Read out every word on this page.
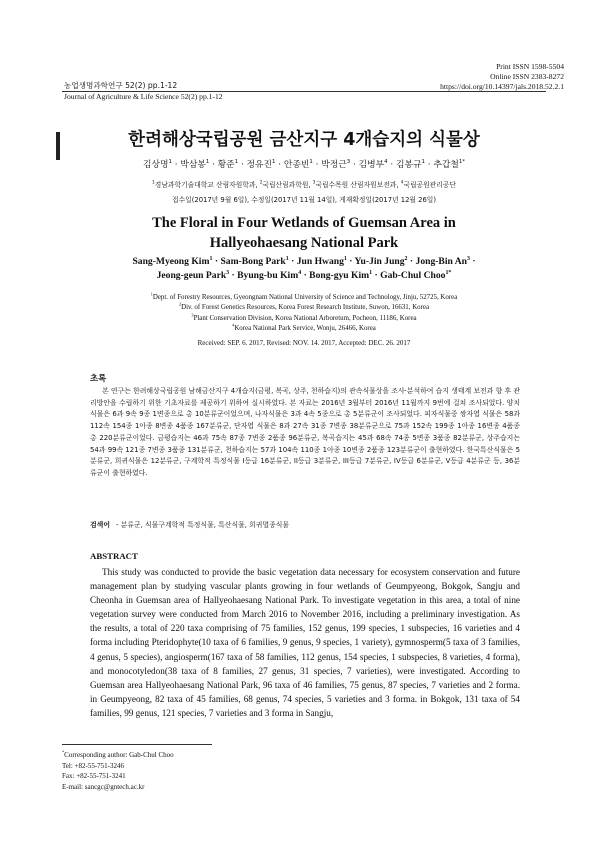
Print ISSN 1598-5504
Online ISSN 2383-8272
https://doi.org/10.14397/jals.2018.52.2.1
농업생명과학연구 52(2) pp.1-12
Journal of Agriculture & Life Science 52(2) pp.1-12
한려해상국립공원 금산지구 4개습지의 식물상
김상명$^1$ · 박삼봉$^1$ · 황준$^1$ · 정유진$^1$ · 안종빈$^1$ · 박정근$^3$ · 김병부$^4$ · 김봉규$^1$ · 추갑철$^{1*}$
$^1$경남과학기술대학교 산림자원학과, $^2$국립산림과학원, $^3$국립수목원 산림자원보전과, $^4$국립공원관리공단
접수일(2017년 9월 6일), 수정일(2017년 11월 14일), 게재확정일(2017년 12월 26일)
The Floral in Four Wetlands of Guemsan Area in
Hallyeohaesang National Park
Sang-Myeong Kim$^1$ · Sam-Bong Park$^1$ · Jun Hwang$^1$ · Yu-Jin Jung$^2$ · Jong-Bin $An^3$ ·
Jeong-geun Park$^3$ · Byung-bu Kim$^4$ · Bong-gyu Kim$^1$ · Gab-Chul Choo$^{1*}$
$^1$Dept. of Forestry Resources, Gyeongnam National University of Science and Technology, Jinju, 52725, Korea
$^2$Div. of Forest Genetics Resources, Korea Forest Research Institute, Suwon, 16631, Korea
$^3$Plant Conservation Division, Korea National Arboretum, Pocheon, 11186, Korea
$^4$Korea National Park Service, Wonju, 26466, Korea
Received: SEP. 6. 2017, Revised: NOV. 14. 2017, Accepted: DEC. 26. 2017
초록
본 연구는 한려해상국립공원 남해금산지구 4개습지(금평, 복곡, 상주, 천하습지)의 관속식물상을 조사·분석하여 습지 생태계 보전과 향 후 관리방안을 수립하기 위한 기초자료를 제공하기 위하여 실시하였다. 본 자료는 2016년 3월부터 2016년 11월까지 9번에 걸쳐 조사되었다. 양치식물은 6과 9속 9종 1변종으로 총 10분류군이었으며, 나자식물은 3과 4속 5종으로 총 5분류군이 조사되었다. 피자식물중 쌍자엽 식물은 58과 112속 154종 1아종 8변종 4품종 167분류군, 단자엽 식물은 8과 27속 31종 7변종 38분류군으로 75과 152속 199종 1아종 16변종 4품종 총 220분류군이었다. 금평습지는 46과 75속 87종 7변종 2품종 96분류군, 복곡습지는 45과 68속 74종 5변종 3품종 82분류군, 상주습지는 54과 99속 121종 7변종 3품종 131분류군, 천하습지는 57과 104속 110종 1아종 10변종 2품종 123분류군이 출현하였다. 한국특산식물은 5분류군, 희귀식물은 12분류군, 구계학적 특정식물 I등급 16분류군, II등급 3분류군, III등급 7분류군, IV등급 6분류군, V등급 4분류군 등, 36분류군이 출현하였다.
검색어 - 분류군, 식물구계학적 특정식물, 특산식물, 희귀멸종식물
ABSTRACT
This study was conducted to provide the basic vegetation data necessary for ecosystem conservation and future management plan by studying vascular plants growing in four wetlands of Geumpyeong, Bokgok, Sangju and Cheonha in Guemsan area of Hallyeohaesang National Park. To investigate vegetation in this area, a total of nine vegetation survey were conducted from March 2016 to November 2016, including a preliminary investigation. As the results, a total of 220 taxa comprising of 75 families, 152 genus, 199 species, 1 subspecies, 16 varieties and 4 forma including Pteridophyte(10 taxa of 6 families, 9 genus, 9 species, 1 variety), gymnosperm(5 taxa of 3 families, 4 genus, 5 species), angiosperm(167 taxa of 58 families, 112 genus, 154 species, 1 subspecies, 8 varieties, 4 forma), and monocotyledon(38 taxa of 8 families, 27 genus, 31 species, 7 varieties), were investigated. According to Guemsan area Hallyeohaesang National Park, 96 taxa of 46 families, 75 genus, 87 species, 7 varieties and 2 forma. in Geumpyeong, 82 taxa of 45 families, 68 genus, 74 species, 5 varieties and 3 forma. in Bokgok, 131 taxa of 54 families, 99 genus, 121 species, 7 varieties and 3 forma in Sangju,
*Corresponding author: Gab-Chul Choo
Tel: +82-55-751-3246
Fax: +82-55-751-3241
E-mail: sancgc@gntech.ac.kr
